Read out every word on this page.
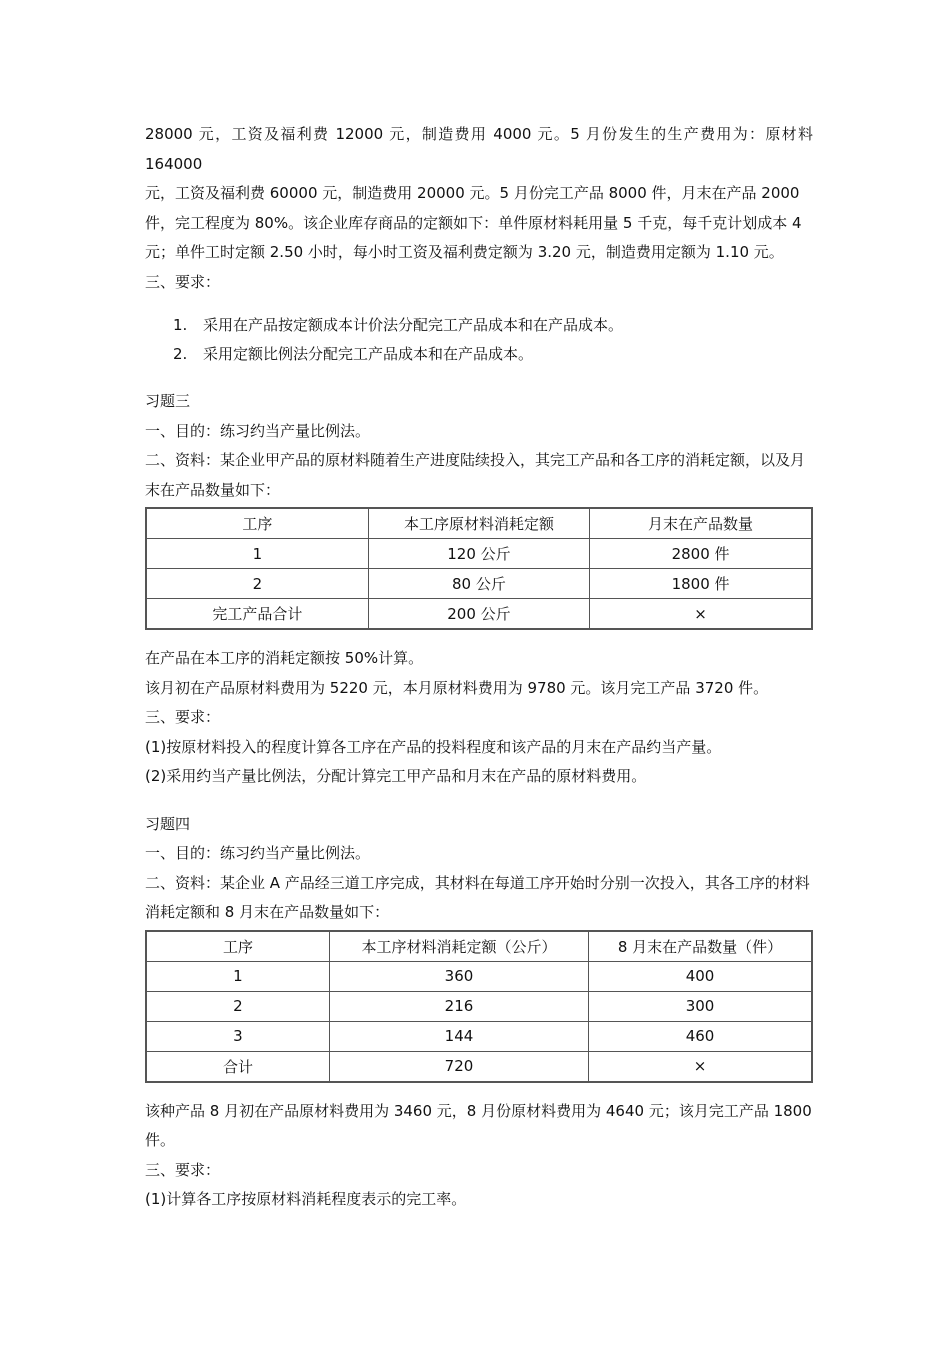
28000 元，工资及福利费 12000 元，制造费用 4000 元。5 月份发生的生产费用为：原材料 164000

元，工资及福利费 60000 元，制造费用 20000 元。5 月份完工产品 8000 件，月末在产品 2000

件，完工程度为 80%。该企业库存商品的定额如下：单件原材料耗用量 5 千克，每千克计划成本 4

元；单件工时定额 2.50 小时，每小时工资及福利费定额为 3.20 元，制造费用定额为 1.10 元。

三、要求：

1. 采用在产品按定额成本计价法分配完工产品成本和在产品成本。

2. 采用定额比例法分配完工产品成本和在产品成本。

习题三

一、目的：练习约当产量比例法。

二、资料：某企业甲产品的原材料随着生产进度陆续投入，其完工产品和各工序的消耗定额，以及月

末在产品数量如下：

工序	本工序原材料消耗定额	月末在产品数量
1	120 公斤	2800 件
2	80 公斤	1800 件
完工产品合计	200 公斤	×

在产品在本工序的消耗定额按 50%计算。

该月初在产品原材料费用为 5220 元，本月原材料费用为 9780 元。该月完工产品 3720 件。

三、要求：

(1)按原材料投入的程度计算各工序在产品的投料程度和该产品的月末在产品约当产量。

(2)采用约当产量比例法，分配计算完工甲产品和月末在产品的原材料费用。

习题四

一、目的：练习约当产量比例法。

二、资料：某企业 A 产品经三道工序完成，其材料在每道工序开始时分别一次投入，其各工序的材料

消耗定额和 8 月末在产品数量如下：

工序	本工序材料消耗定额（公斤）	8 月末在产品数量（件）
1	360	400
2	216	300
3	144	460
合计	720	×

该种产品 8 月初在产品原材料费用为 3460 元，8 月份原材料费用为 4640 元；该月完工产品 1800

件。

三、要求：

(1)计算各工序按原材料消耗程度表示的完工率。
